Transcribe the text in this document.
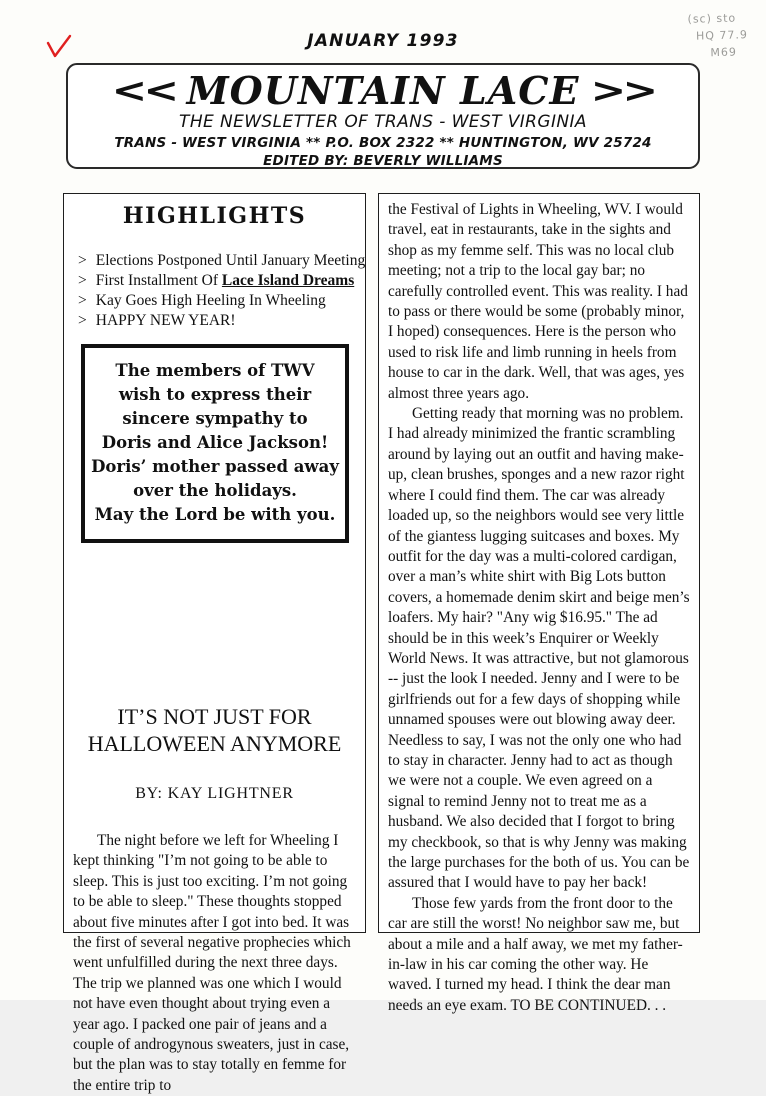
(sc) sto
HQ 77.9
M69
JANUARY 1993
<< MOUNTAIN LACE >>
THE NEWSLETTER OF TRANS - WEST VIRGINIA
TRANS - WEST VIRGINIA ** P.O. BOX 2322 ** HUNTINGTON, WV 25724
EDITED BY: BEVERLY WILLIAMS
HIGHLIGHTS
> Elections Postponed Until January Meeting
> First Installment Of Lace Island Dreams
> Kay Goes High Heeling In Wheeling
> HAPPY NEW YEAR!
The members of TWV
wish to express their
sincere sympathy to
Doris and Alice Jackson!
Doris’ mother passed away
over the holidays.
May the Lord be with you.
IT’S NOT JUST FOR
HALLOWEEN ANYMORE
BY: KAY LIGHTNER

The night before we left for Wheeling I kept thinking "I’m not going to be able to sleep. This is just too exciting. I’m not going to be able to sleep." These thoughts stopped about five minutes after I got into bed. It was the first of several negative prophecies which went unfulfilled during the next three days. The trip we planned was one which I would not have even thought about trying even a year ago. I packed one pair of jeans and a couple of androgynous sweaters, just in case, but the plan was to stay totally en femme for the entire trip to

the Festival of Lights in Wheeling, WV. I would travel, eat in restaurants, take in the sights and shop as my femme self. This was no local club meeting; not a trip to the local gay bar; no carefully controlled event. This was reality. I had to pass or there would be some (probably minor, I hoped) consequences. Here is the person who used to risk life and limb running in heels from house to car in the dark. Well, that was ages, yes almost three years ago.

Getting ready that morning was no problem. I had already minimized the frantic scrambling around by laying out an outfit and having make-up, clean brushes, sponges and a new razor right where I could find them. The car was already loaded up, so the neighbors would see very little of the giantess lugging suitcases and boxes. My outfit for the day was a multi-colored cardigan, over a man’s white shirt with Big Lots button covers, a homemade denim skirt and beige men’s loafers. My hair? "Any wig $16.95." The ad should be in this week’s Enquirer or Weekly World News. It was attractive, but not glamorous -- just the look I needed. Jenny and I were to be girlfriends out for a few days of shopping while unnamed spouses were out blowing away deer. Needless to say, I was not the only one who had to stay in character. Jenny had to act as though we were not a couple. We even agreed on a signal to remind Jenny not to treat me as a husband. We also decided that I forgot to bring my checkbook, so that is why Jenny was making the large purchases for the both of us. You can be assured that I would have to pay her back!

Those few yards from the front door to the car are still the worst! No neighbor saw me, but about a mile and a half away, we met my father-in-law in his car coming the other way. He waved. I turned my head. I think the dear man needs an eye exam. TO BE CONTINUED. . .
